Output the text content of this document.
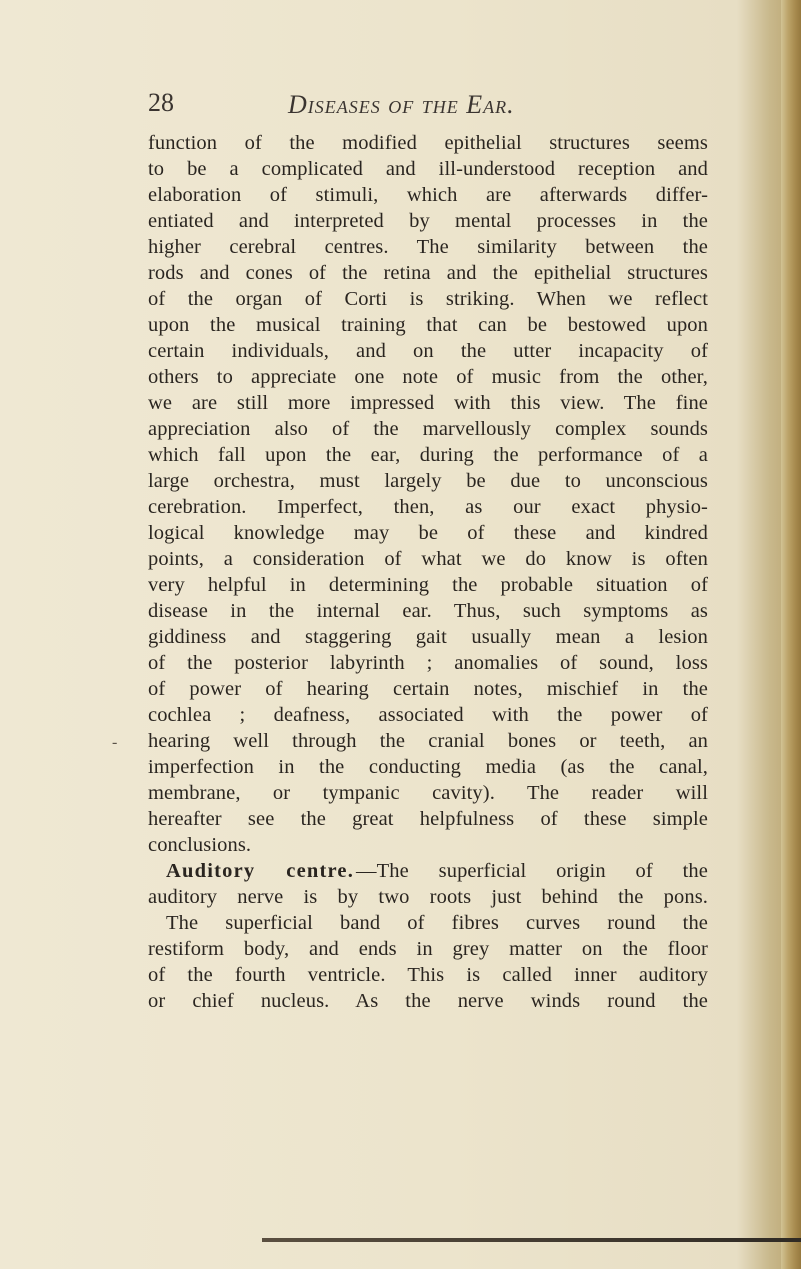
28	Diseases of the Ear.
-
function of the modified epithelial structures seems
to be a complicated and ill-understood reception and
elaboration of stimuli, which are afterwards differ-
entiated and interpreted by mental processes in the
higher cerebral centres. The similarity between the
rods and cones of the retina and the epithelial structures
of the organ of Corti is striking. When we reflect
upon the musical training that can be bestowed upon
certain individuals, and on the utter incapacity of
others to appreciate one note of music from the other,
we are still more impressed with this view. The fine
appreciation also of the marvellously complex sounds
which fall upon the ear, during the performance of a
large orchestra, must largely be due to unconscious
cerebration. Imperfect, then, as our exact physio-
logical knowledge may be of these and kindred
points, a consideration of what we do know is often
very helpful in determining the probable situation of
disease in the internal ear. Thus, such symptoms as
giddiness and staggering gait usually mean a lesion
of the posterior labyrinth ; anomalies of sound, loss
of power of hearing certain notes, mischief in the
cochlea ; deafness, associated with the power of
hearing well through the cranial bones or teeth, an
imperfection in the conducting media (as the canal,
membrane, or tympanic cavity). The reader will
hereafter see the great helpfulness of these simple
conclusions.
Auditory centre.—The superficial origin of the
auditory nerve is by two roots just behind the pons.
The superficial band of fibres curves round the
restiform body, and ends in grey matter on the floor
of the fourth ventricle. This is called inner auditory
or chief nucleus. As the nerve winds round the
